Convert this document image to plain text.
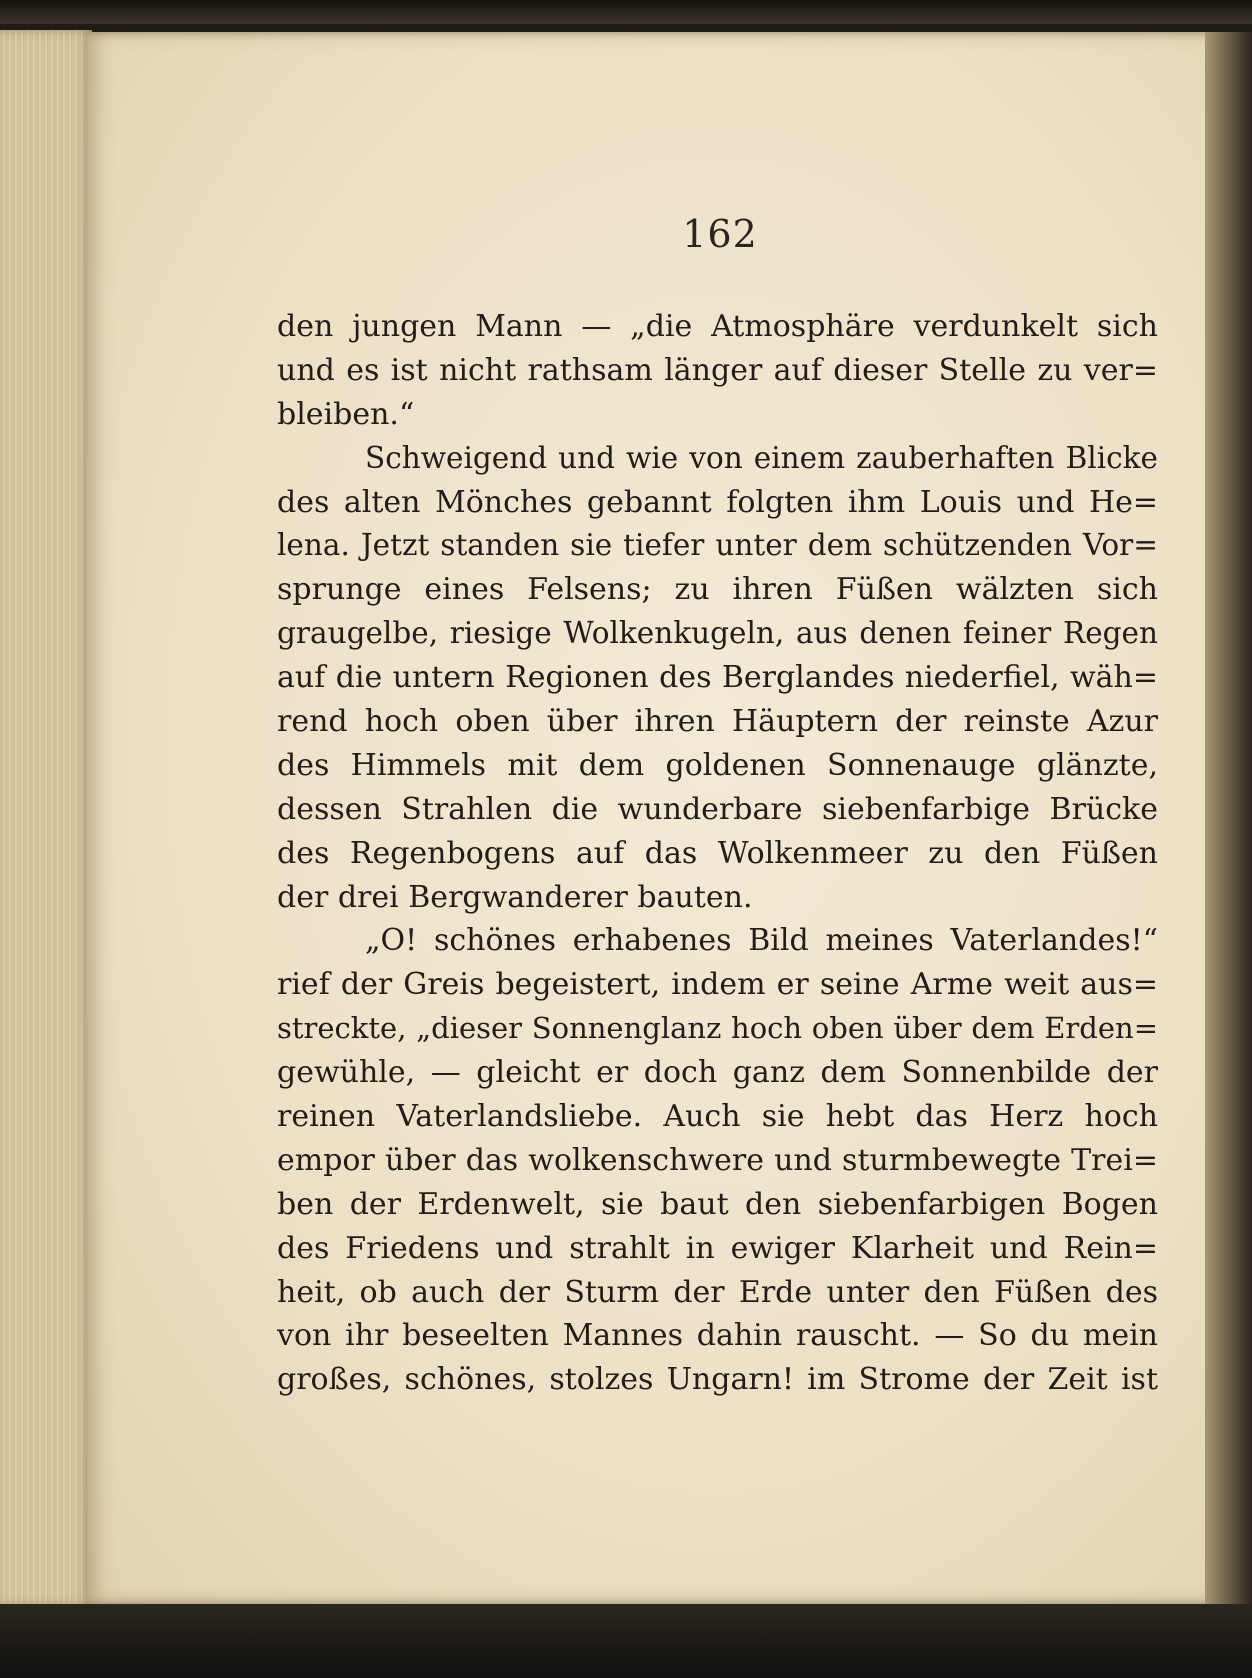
162
den jungen Mann — „die Atmosphäre verdunkelt sich
und es ist nicht rathsam länger auf dieser Stelle zu ver=
bleiben.“
Schweigend und wie von einem zauberhaften Blicke
des alten Mönches gebannt folgten ihm Louis und He=
lena. Jetzt standen sie tiefer unter dem schützenden Vor=
sprunge eines Felsens; zu ihren Füßen wälzten sich
graugelbe, riesige Wolkenkugeln, aus denen feiner Regen
auf die untern Regionen des Berglandes niederfiel, wäh=
rend hoch oben über ihren Häuptern der reinste Azur
des Himmels mit dem goldenen Sonnenauge glänzte,
dessen Strahlen die wunderbare siebenfarbige Brücke
des Regenbogens auf das Wolkenmeer zu den Füßen
der drei Bergwanderer bauten.
„O! schönes erhabenes Bild meines Vaterlandes!“
rief der Greis begeistert, indem er seine Arme weit aus=
streckte, „dieser Sonnenglanz hoch oben über dem Erden=
gewühle, — gleicht er doch ganz dem Sonnenbilde der
reinen Vaterlandsliebe. Auch sie hebt das Herz hoch
empor über das wolkenschwere und sturmbewegte Trei=
ben der Erdenwelt, sie baut den siebenfarbigen Bogen
des Friedens und strahlt in ewiger Klarheit und Rein=
heit, ob auch der Sturm der Erde unter den Füßen des
von ihr beseelten Mannes dahin rauscht. — So du mein
großes, schönes, stolzes Ungarn! im Strome der Zeit ist
